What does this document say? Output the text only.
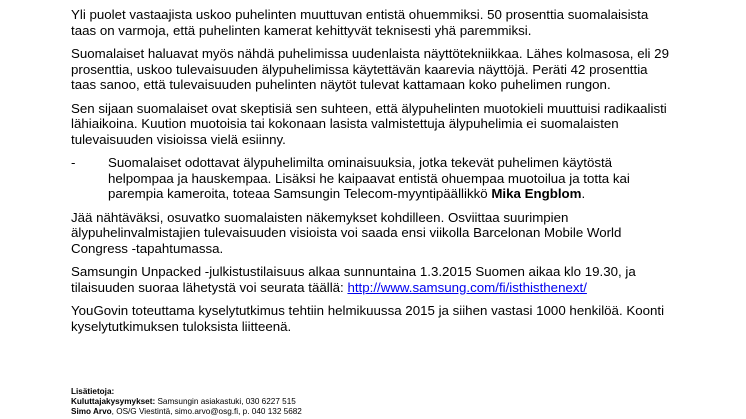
Yli puolet vastaajista uskoo puhelinten muuttuvan entistä ohuemmiksi. 50 prosenttia suomalaisista taas on varmoja, että puhelinten kamerat kehittyvät teknisesti yhä paremmiksi.

Suomalaiset haluavat myös nähdä puhelimissa uudenlaista näyttötekniikkaa. Lähes kolmasosa, eli 29 prosenttia, uskoo tulevaisuuden älypuhelimissa käytettävän kaarevia näyttöjä. Peräti 42 prosenttia taas sanoo, että tulevaisuuden puhelinten näytöt tulevat kattamaan koko puhelimen rungon.

Sen sijaan suomalaiset ovat skeptisiä sen suhteen, että älypuhelinten muotokieli muuttuisi radikaalisti lähiaikoina. Kuution muotoisia tai kokonaan lasista valmistettuja älypuhelimia ei suomalaisten tulevaisuuden visioissa vielä esiinny.

-	Suomalaiset odottavat älypuhelimilta ominaisuuksia, jotka tekevät puhelimen käytöstä helpompaa ja hauskempaa. Lisäksi he kaipaavat entistä ohuempaa muotoilua ja totta kai parempia kameroita, toteaa Samsungin Telecom-myyntipäällikkö Mika Engblom.

Jää nähtäväksi, osuvatko suomalaisten näkemykset kohdilleen. Osviittaa suurimpien älypuhelinvalmistajien tulevaisuuden visioista voi saada ensi viikolla Barcelonan Mobile World Congress -tapahtumassa.

Samsungin Unpacked -julkistustilaisuus alkaa sunnuntaina 1.3.2015 Suomen aikaa klo 19.30, ja tilaisuuden suoraa lähetystä voi seurata täällä: http://www.samsung.com/fi/isthisthenext/

YouGovin toteuttama kyselytutkimus tehtiin helmikuussa 2015 ja siihen vastasi 1000 henkilöä. Koonti kyselytutkimuksen tuloksista liitteenä.

Lisätietoja:
Kuluttajakysymykset: Samsungin asiakastuki, 030 6227 515
Simo Arvo, OS/G Viestintä, simo.arvo@osg.fi, p. 040 132 5682
